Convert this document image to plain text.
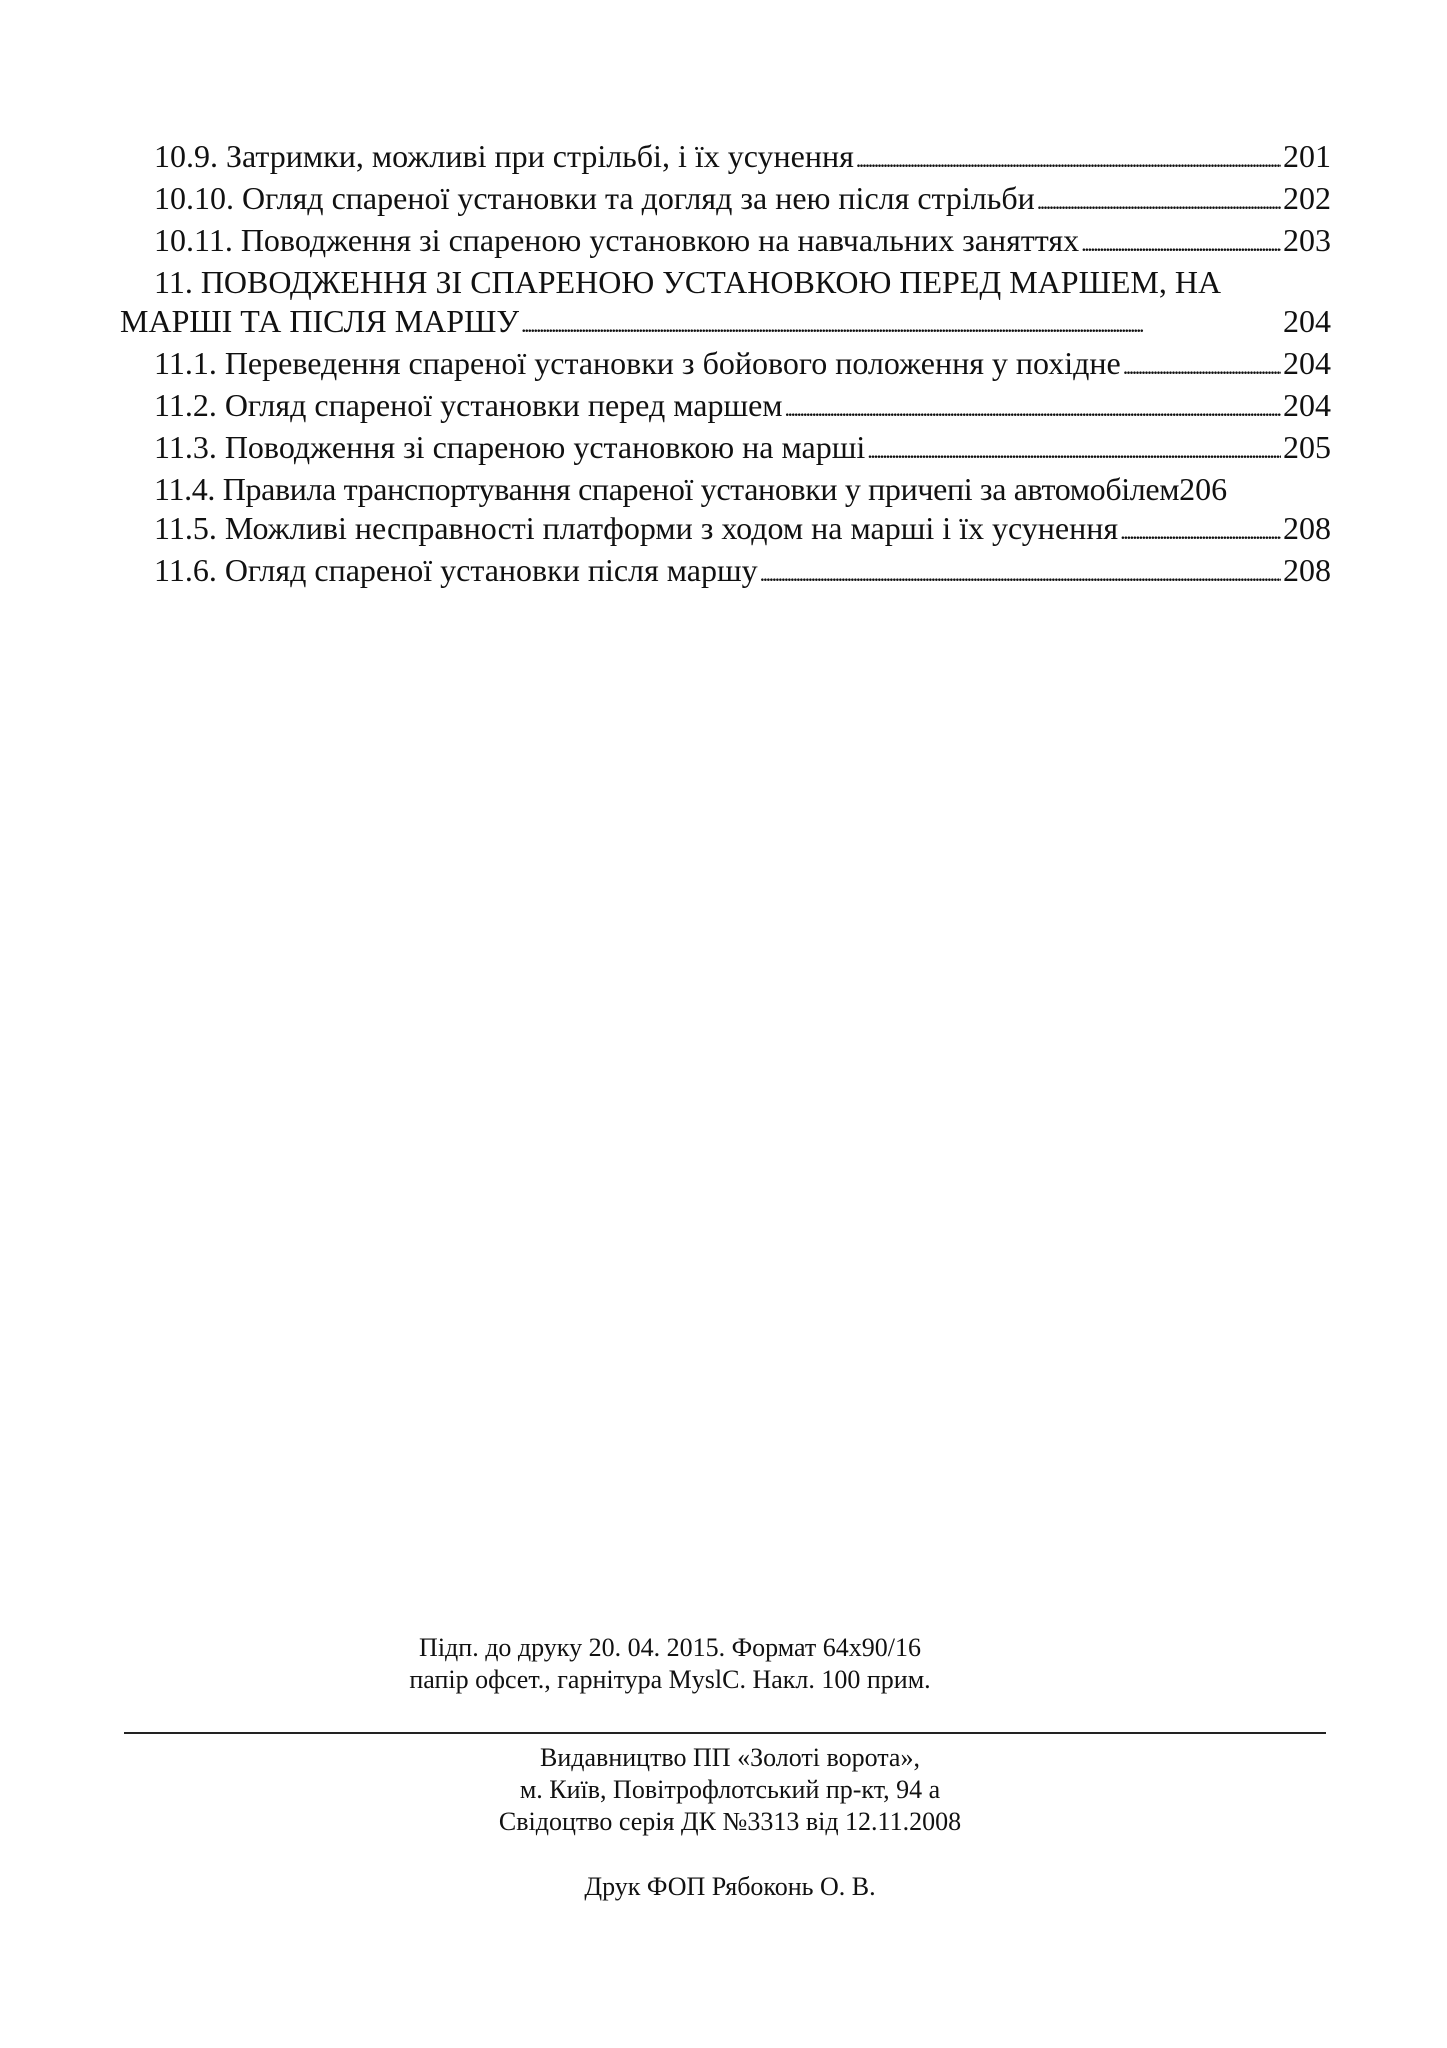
10.9. Затримки, можливі при стрільбі, і їх усунення . . .	201
10.10. Огляд спареної установки та догляд за нею після стрільби . . .	202
10.11. Поводження зі спареною установкою на навчальних заняттях . . .	203
11. ПОВОДЖЕННЯ ЗІ СПАРЕНОЮ УСТАНОВКОЮ ПЕРЕД МАРШЕМ, НА
МАРШІ ТА ПІСЛЯ МАРШУ . . .	204
11.1. Переведення спареної установки з бойового положення у похідне . . .	204
11.2. Огляд спареної установки перед маршем . . .	204
11.3. Поводження зі спареною установкою на марші . . .	205
11.4. Правила транспортування спареної установки у причепі за автомобілем 206
11.5. Можливі несправності платформи з ходом на марші і їх усунення . . .	208
11.6. Огляд спареної установки після маршу . . .	208
Підп. до друку 20. 04. 2015. Формат 64х90/16
папір офсет., гарнітура MyslC. Накл. 100 прим.
Видавництво ПП «Золоті ворота»,
м. Київ, Повітрофлотський пр-кт, 94 а
Свідоцтво серія ДК №3313 від 12.11.2008
Друк ФОП Рябоконь О. В.
